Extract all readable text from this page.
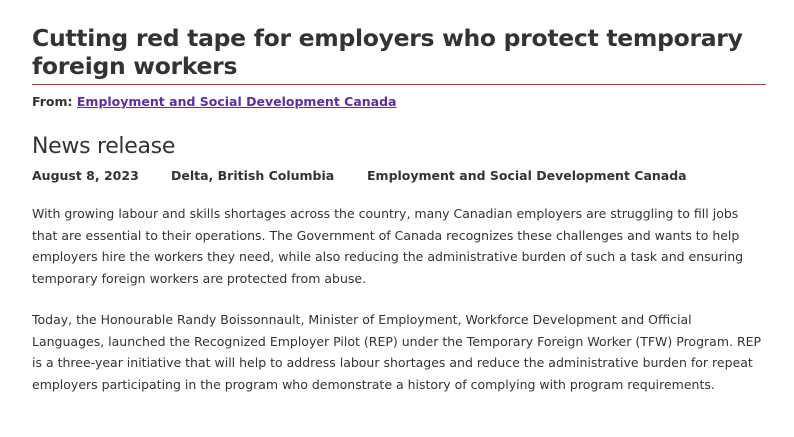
Cutting red tape for employers who protect temporary foreign workers
From: Employment and Social Development Canada
News release
August 8, 2023	Delta, British Columbia	Employment and Social Development Canada

With growing labour and skills shortages across the country, many Canadian employers are struggling to fill jobs that are essential to their operations. The Government of Canada recognizes these challenges and wants to help employers hire the workers they need, while also reducing the administrative burden of such a task and ensuring temporary foreign workers are protected from abuse.

Today, the Honourable Randy Boissonnault, Minister of Employment, Workforce Development and Official Languages, launched the Recognized Employer Pilot (REP) under the Temporary Foreign Worker (TFW) Program. REP is a three-year initiative that will help to address labour shortages and reduce the administrative burden for repeat employers participating in the program who demonstrate a history of complying with program requirements.
